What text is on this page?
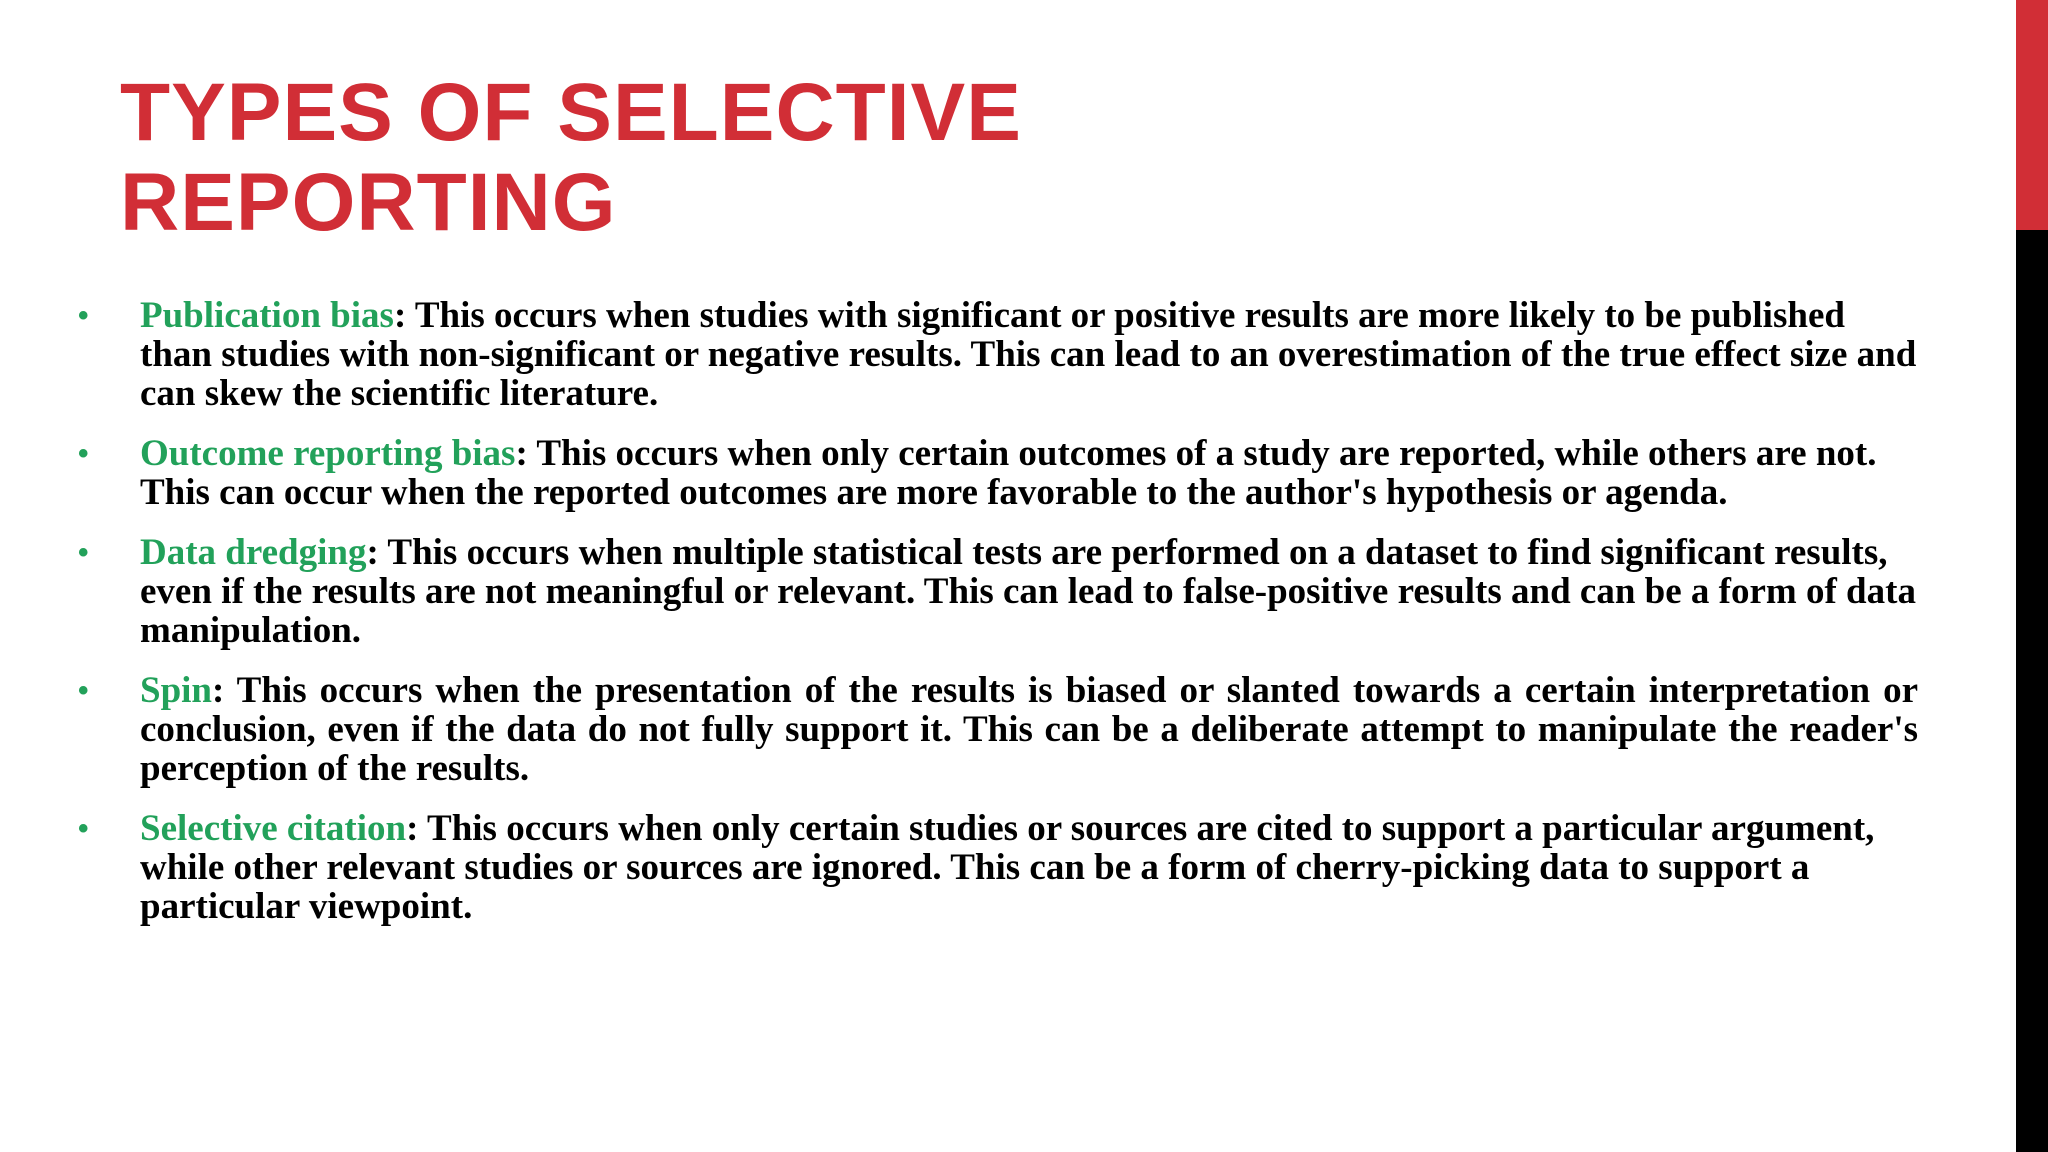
TYPES OF SELECTIVE
REPORTING
• Publication bias: This occurs when studies with significant or positive results are more likely to be published than studies with non-significant or negative results. This can lead to an overestimation of the true effect size and can skew the scientific literature.
• Outcome reporting bias: This occurs when only certain outcomes of a study are reported, while others are not. This can occur when the reported outcomes are more favorable to the author's hypothesis or agenda.
• Data dredging: This occurs when multiple statistical tests are performed on a dataset to find significant results, even if the results are not meaningful or relevant. This can lead to false-positive results and can be a form of data manipulation.
• Spin: This occurs when the presentation of the results is biased or slanted towards a certain interpretation or conclusion, even if the data do not fully support it. This can be a deliberate attempt to manipulate the reader's perception of the results.
• Selective citation: This occurs when only certain studies or sources are cited to support a particular argument, while other relevant studies or sources are ignored. This can be a form of cherry-picking data to support a particular viewpoint.
